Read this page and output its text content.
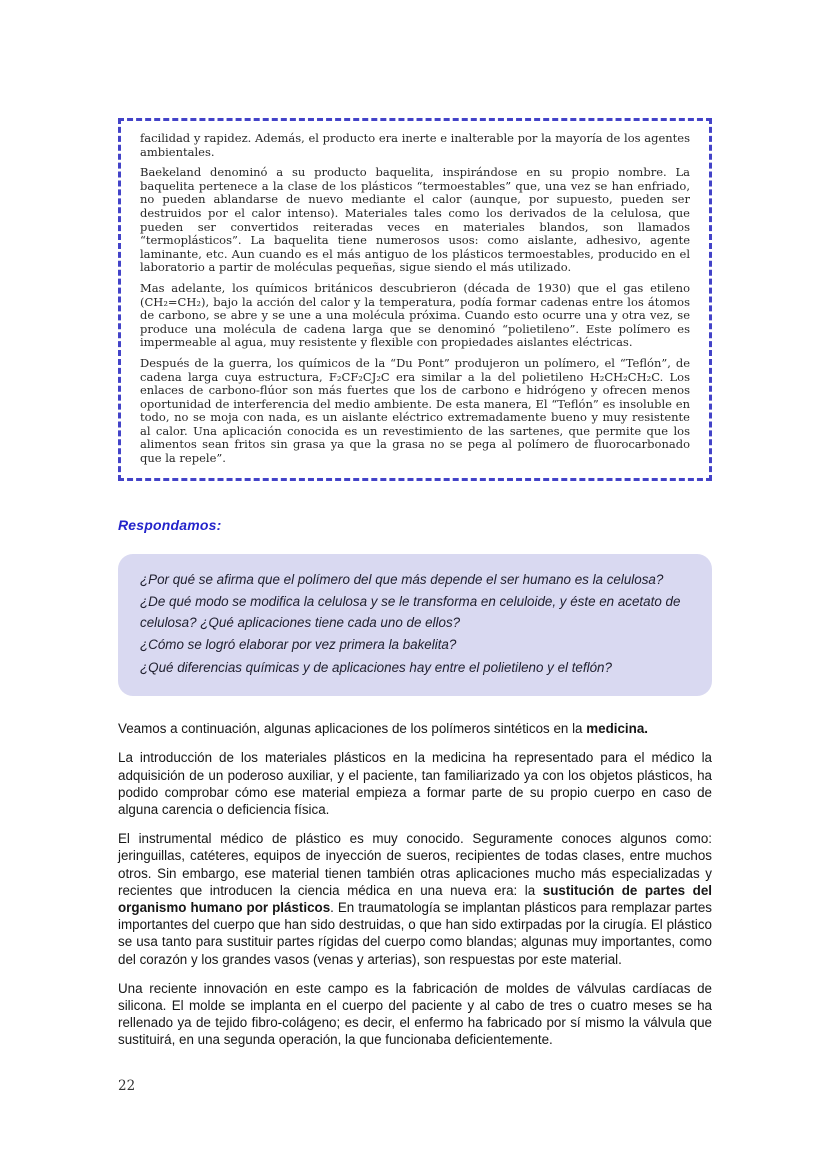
facilidad y rapidez. Además, el producto era inerte e inalterable por la mayoría de los agentes ambientales.

Baekeland denominó a su producto baquelita, inspirándose en su propio nombre. La baquelita pertenece a la clase de los plásticos “termoestables” que, una vez se han enfriado, no pueden ablandarse de nuevo mediante el calor (aunque, por supuesto, pueden ser destruidos por el calor intenso). Materiales tales como los derivados de la celulosa, que pueden ser convertidos reiteradas veces en materiales blandos, son llamados “termoplásticos”. La baquelita tiene numerosos usos: como aislante, adhesivo, agente laminante, etc. Aun cuando es el más antiguo de los plásticos termoestables, producido en el laboratorio a partir de moléculas pequeñas, sigue siendo el más utilizado.

Mas adelante, los químicos británicos descubrieron (década de 1930) que el gas etileno (CH₂=CH₂), bajo la acción del calor y la temperatura, podía formar cadenas entre los átomos de carbono, se abre y se une a una molécula próxima. Cuando esto ocurre una y otra vez, se produce una molécula de cadena larga que se denominó “polietileno”. Este polímero es impermeable al agua, muy resistente y flexible con propiedades aislantes eléctricas.

Después de la guerra, los químicos de la “Du Pont” produjeron un polímero, el “Teflón”, de cadena larga cuya estructura, F₂CF₂CJ₂C era similar a la del polietileno H₂CH₂CH₂C. Los enlaces de carbono-flúor son más fuertes que los de carbono e hidrógeno y ofrecen menos oportunidad de interferencia del medio ambiente. De esta manera, El “Teflón” es insoluble en todo, no se moja con nada, es un aislante eléctrico extremadamente bueno y muy resistente al calor. Una aplicación conocida es un revestimiento de las sartenes, que permite que los alimentos sean fritos sin grasa ya que la grasa no se pega al polímero de fluorocarbonado que la repele”.

Respondamos:

¿Por qué se afirma que el polímero del que más depende el ser humano es la celulosa?

¿De qué modo se modifica la celulosa y se le transforma en celuloide, y éste en acetato de celulosa? ¿Qué aplicaciones tiene cada uno de ellos?

¿Cómo se logró elaborar por vez primera la bakelita?

¿Qué diferencias químicas y de aplicaciones hay entre el polietileno y el teflón?

Veamos a continuación, algunas aplicaciones de los polímeros sintéticos en la medicina.

La introducción de los materiales plásticos en la medicina ha representado para el médico la adquisición de un poderoso auxiliar, y el paciente, tan familiarizado ya con los objetos plásticos, ha podido comprobar cómo ese material empieza a formar parte de su propio cuerpo en caso de alguna carencia o deficiencia física.

El instrumental médico de plástico es muy conocido. Seguramente conoces algunos como: jeringuillas, catéteres, equipos de inyección de sueros, recipientes de todas clases, entre muchos otros. Sin embargo, ese material tienen también otras aplicaciones mucho más especializadas y recientes que introducen la ciencia médica en una nueva era: la sustitución de partes del organismo humano por plásticos. En traumatología se implantan plásticos para remplazar partes importantes del cuerpo que han sido destruidas, o que han sido extirpadas por la cirugía. El plástico se usa tanto para sustituir partes rígidas del cuerpo como blandas; algunas muy importantes, como del corazón y los grandes vasos (venas y arterias), son respuestas por este material.

Una reciente innovación en este campo es la fabricación de moldes de válvulas cardíacas de silicona. El molde se implanta en el cuerpo del paciente y al cabo de tres o cuatro meses se ha rellenado ya de tejido fibro-colágeno; es decir, el enfermo ha fabricado por sí mismo la válvula que sustituirá, en una segunda operación, la que funcionaba deficientemente.

22
